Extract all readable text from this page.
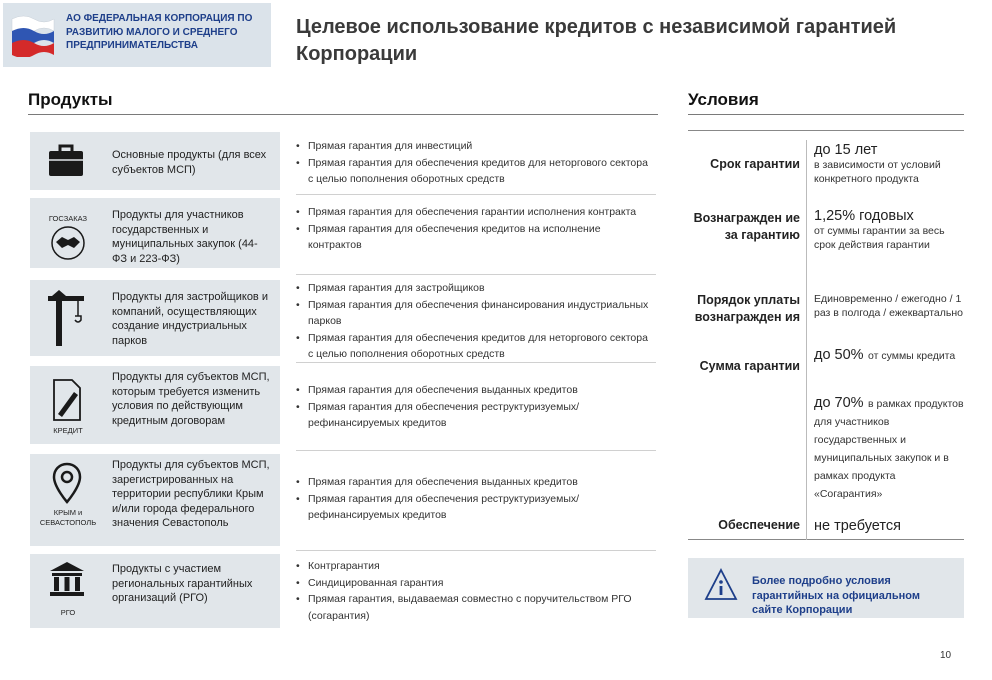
АО ФЕДЕРАЛЬНАЯ КОРПОРАЦИЯ ПО РАЗВИТИЮ МАЛОГО И СРЕДНЕГО ПРЕДПРИНИМАТЕЛЬСТВА
Целевое использование кредитов с независимой гарантией Корпорации
Продукты	Условия
Основные продукты (для всех субъектов МСП)
• Прямая гарантия для инвестиций
• Прямая гарантия для обеспечения кредитов для неторгового сектора с целью пополнения оборотных средств
ГОСЗАКАЗ	Продукты для участников государственных и муниципальных закупок (44-ФЗ и 223-ФЗ)
• Прямая гарантия для обеспечения гарантии исполнения контракта
• Прямая гарантия для обеспечения кредитов на исполнение контрактов
Продукты для застройщиков и компаний, осуществляющих создание индустриальных парков
• Прямая гарантия для застройщиков
• Прямая гарантия для обеспечения финансирования индустриальных парков
• Прямая гарантия для обеспечения кредитов для неторгового сектора с целью пополнения оборотных средств
КРЕДИТ
Продукты для субъектов МСП, которым требуется изменить условия по действующим кредитным договорам
• Прямая гарантия для обеспечения выданных кредитов
• Прямая гарантия для обеспечения реструктуризуемых/ рефинансируемых кредитов
КРЫМ и СЕВАСТОПОЛЬ
Продукты для субъектов МСП, зарегистрированных на территории республики Крым и/или города федерального значения Севастополь
• Прямая гарантия для обеспечения выданных кредитов
• Прямая гарантия для обеспечения реструктуризуемых/ рефинансируемых кредитов
РГО
Продукты с участием региональных гарантийных организаций (РГО)
• Контргарантия
• Синдицированная гарантия
• Прямая гарантия, выдаваемая совместно с поручительством РГО (согарантия)
Срок гарантии
до 15 лет
в зависимости от условий конкретного продукта
Вознагражден ие за гарантию
1,25% годовых
от суммы гарантии за весь срок действия гарантии
Порядок уплаты вознагражден ия
Единовременно / ежегодно / 1 раз в полгода / ежеквартально
Сумма гарантии
до 50% от суммы кредита
до 70% в рамках продуктов для участников государственных и муниципальных закупок и в рамках продукта «Согарантия»
Обеспечение не требуется
Более подробно условия гарантийных на официальном сайте Корпорации
10
